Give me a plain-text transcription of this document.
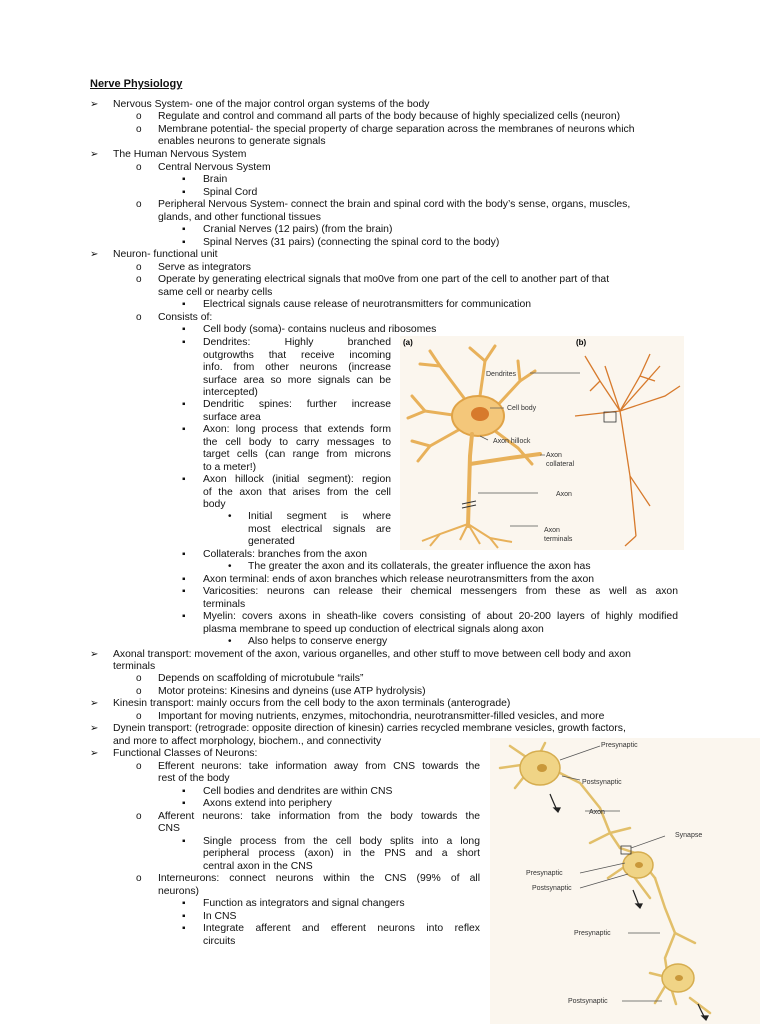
Nerve Physiology
➢ Nervous System- one of the major control organ systems of the body
o Regulate and control and command all parts of the body because of highly specialized cells (neuron)
o Membrane potential- the special property of charge separation across the membranes of neurons which
enables neurons to generate signals
➢ The Human Nervous System
o Central Nervous System
▪ Brain
▪ Spinal Cord
o Peripheral Nervous System- connect the brain and spinal cord with the body’s sense, organs, muscles,
glands, and other functional tissues
▪ Cranial Nerves (12 pairs) (from the brain)
▪ Spinal Nerves (31 pairs) (connecting the spinal cord to the body)
➢ Neuron- functional unit
o Serve as integrators
o Operate by generating electrical signals that mo0ve from one part of the cell to another part of that
same cell or nearby cells
▪ Electrical signals cause release of neurotransmitters for communication
o Consists of:
▪ Cell body (soma)- contains nucleus and ribosomes
▪ Dendrites: Highly branched
outgrowths that receive incoming
info. from other neurons (increase
surface area so more signals can be
intercepted)
▪ Dendritic spines: further increase
surface area
▪ Axon: long process that extends form
the cell body to carry messages to
target cells (can range from microns
to a meter!)
▪ Axon hillock (initial segment): region
of the axon that arises from the cell
body
• Initial segment is where
most electrical signals are
generated
▪ Collaterals: branches from the axon
• The greater the axon and its collaterals, the greater influence the axon has
▪ Axon terminal: ends of axon branches which release neurotransmitters from the axon
▪ Varicosities: neurons can release their chemical messengers from these as well as axon
terminals
▪ Myelin: covers axons in sheath-like covers consisting of about 20-200 layers of highly modified
plasma membrane to speed up conduction of electrical signals along axon
• Also helps to conserve energy
➢ Axonal transport: movement of the axon, various organelles, and other stuff to move between cell body and axon
terminals
o Depends on scaffolding of microtubule “rails”
o Motor proteins: Kinesins and dyneins (use ATP hydrolysis)
➢ Kinesin transport: mainly occurs from the cell body to the axon terminals (anterograde)
o Important for moving nutrients, enzymes, mitochondria, neurotransmitter-filled vesicles, and more
➢ Dynein transport: (retrograde: opposite direction of kinesin) carries recycled membrane vesicles, growth factors,
and more to affect morphology, biochem., and connectivity
➢ Functional Classes of Neurons:
o Efferent neurons: take information away from CNS towards the
rest of the body
▪ Cell bodies and dendrites are within CNS
▪ Axons extend into periphery
o Afferent neurons: take information from the body towards the
CNS
▪ Single process from the cell body splits into a long
peripheral process (axon) in the PNS and a short
central axon in the CNS
o Interneurons: connect neurons within the CNS (99% of all
neurons)
▪ Function as integrators and signal changers
▪ In CNS
▪ Integrate afferent and efferent neurons into reflex
circuits
(a)	(b)
Dendrites
Cell body
Axon hillock
Axon
collateral
Axon
Axon
terminals
Presynaptic
Postsynaptic
Axon
Synapse
Presynaptic
Postsynaptic
Presynaptic
Postsynaptic
